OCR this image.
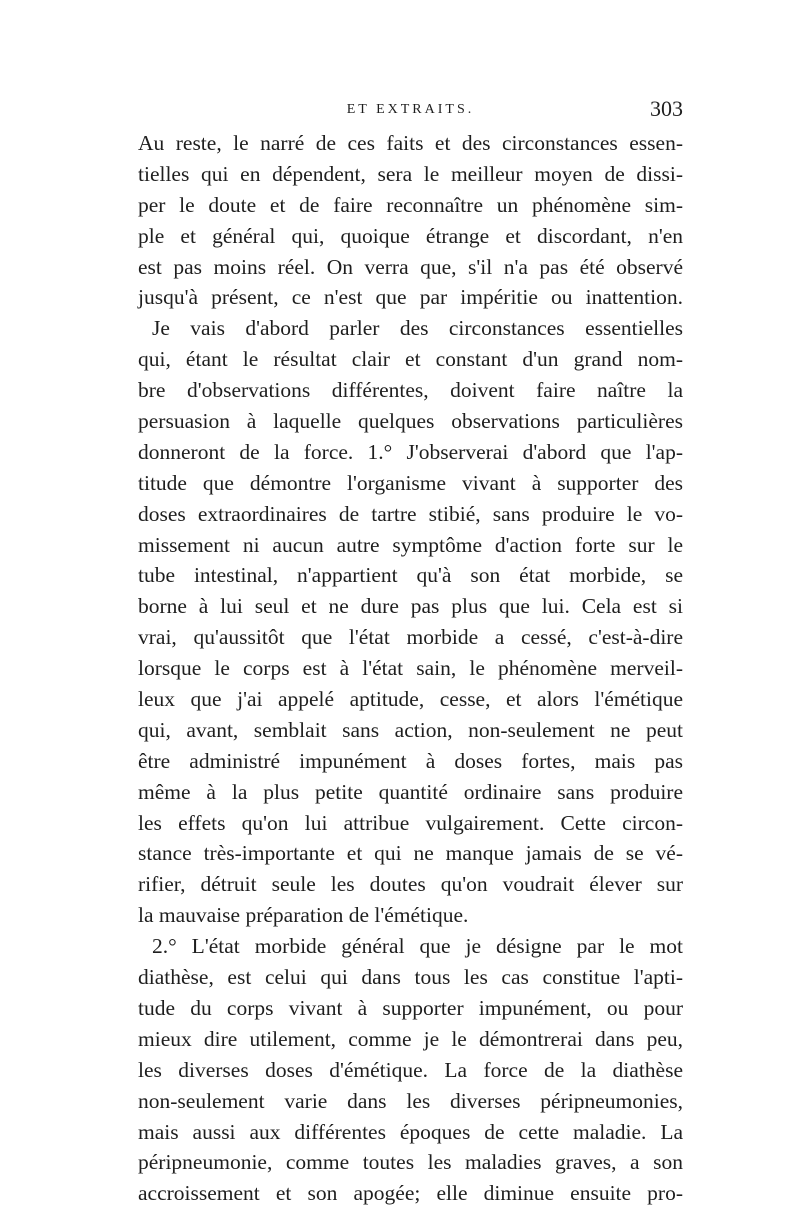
ET EXTRAITS.	303
Au reste, le narré de ces faits et des circonstances essen-
tielles qui en dépendent, sera le meilleur moyen de dissi-
per le doute et de faire reconnaître un phénomène sim-
ple et général qui, quoique étrange et discordant, n'en
est pas moins réel. On verra que, s'il n'a pas été observé
jusqu'à présent, ce n'est que par impéritie ou inattention.
Je vais d'abord parler des circonstances essentielles
qui, étant le résultat clair et constant d'un grand nom-
bre d'observations différentes, doivent faire naître la
persuasion à laquelle quelques observations particulières
donneront de la force. 1.° J'observerai d'abord que l'ap-
titude que démontre l'organisme vivant à supporter des
doses extraordinaires de tartre stibié, sans produire le vo-
missement ni aucun autre symptôme d'action forte sur le
tube intestinal, n'appartient qu'à son état morbide, se
borne à lui seul et ne dure pas plus que lui. Cela est si
vrai, qu'aussitôt que l'état morbide a cessé, c'est-à-dire
lorsque le corps est à l'état sain, le phénomène merveil-
leux que j'ai appelé aptitude, cesse, et alors l'émétique
qui, avant, semblait sans action, non-seulement ne peut
être administré impunément à doses fortes, mais pas
même à la plus petite quantité ordinaire sans produire
les effets qu'on lui attribue vulgairement. Cette circon-
stance très-importante et qui ne manque jamais de se vé-
rifier, détruit seule les doutes qu'on voudrait élever sur
la mauvaise préparation de l'émétique.
2.° L'état morbide général que je désigne par le mot
diathèse, est celui qui dans tous les cas constitue l'apti-
tude du corps vivant à supporter impunément, ou pour
mieux dire utilement, comme je le démontrerai dans peu,
les diverses doses d'émétique. La force de la diathèse
non-seulement varie dans les diverses péripneumonies,
mais aussi aux différentes époques de cette maladie. La
péripneumonie, comme toutes les maladies graves, a son
accroissement et son apogée; elle diminue ensuite pro-
